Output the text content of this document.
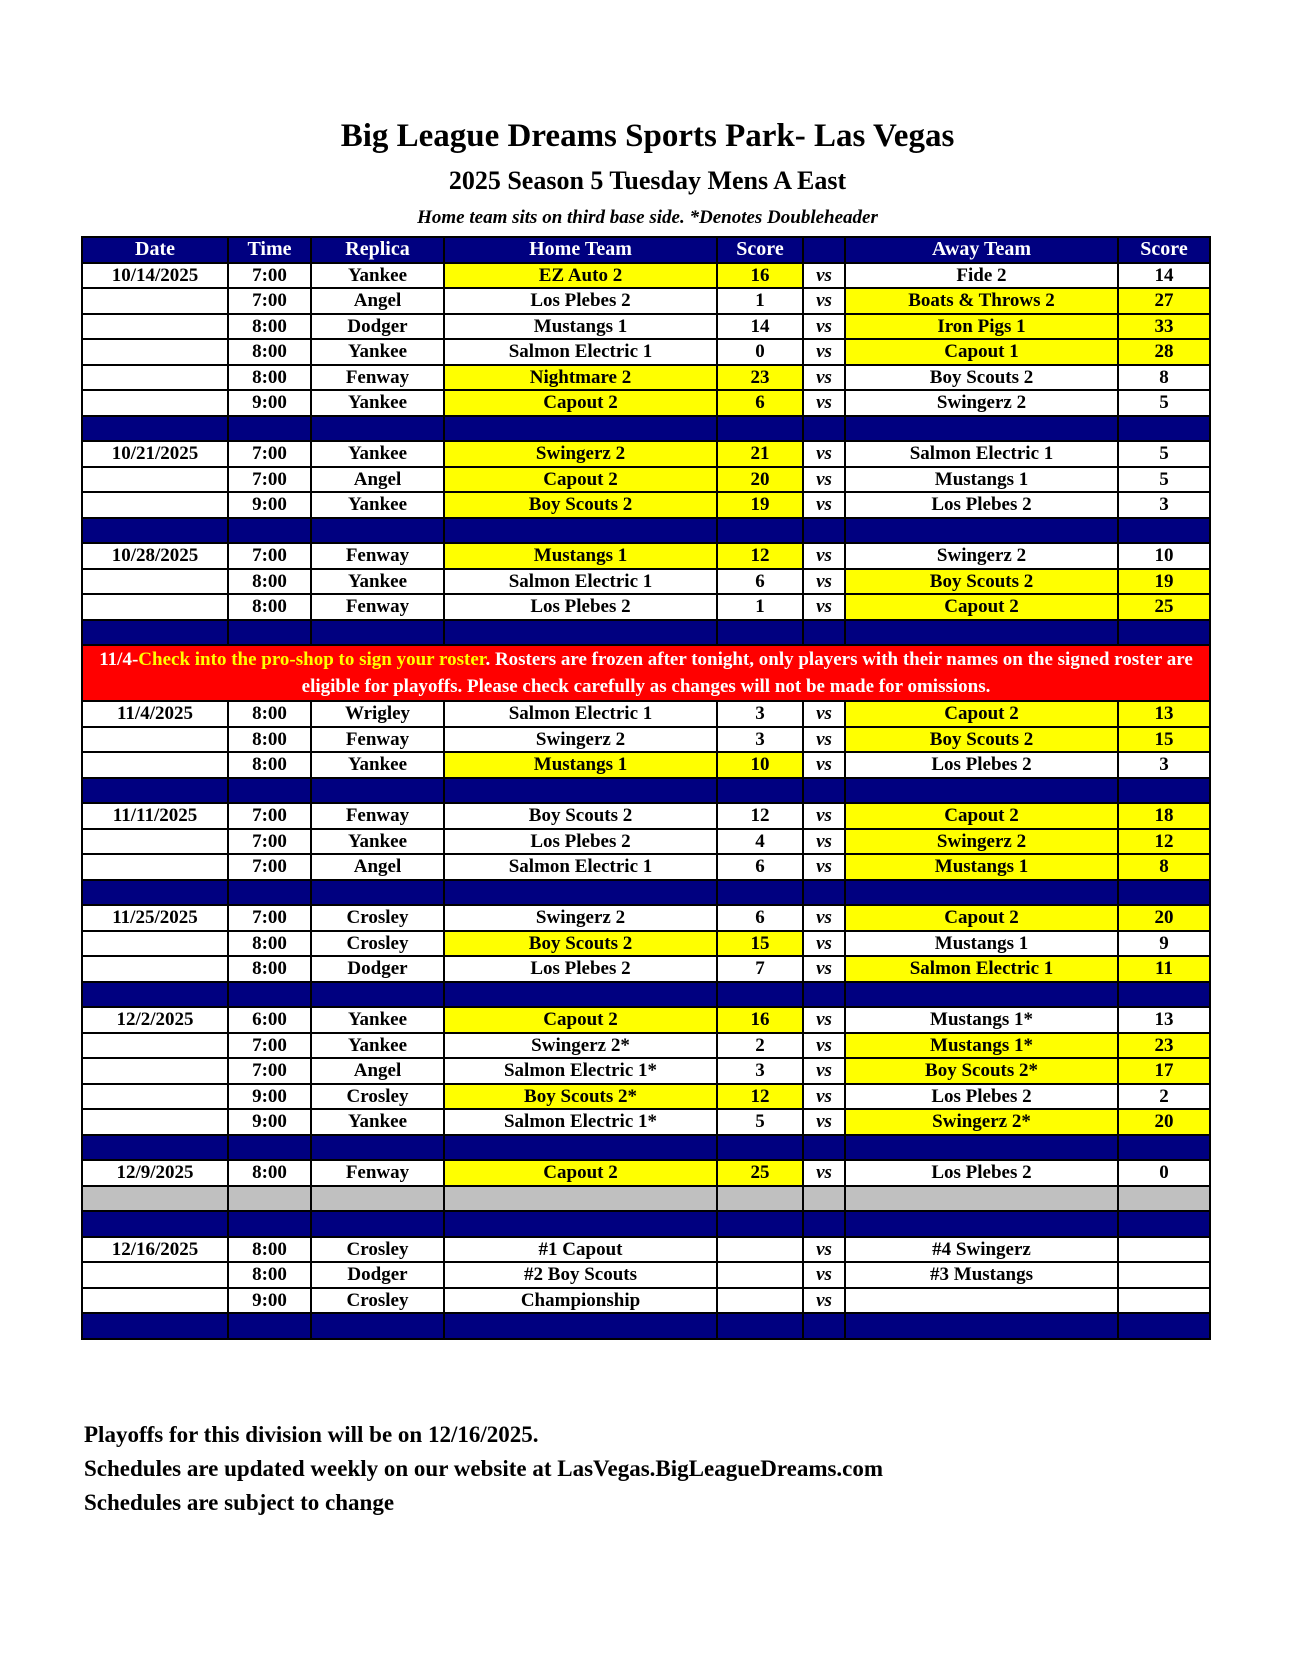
Big League Dreams Sports Park- Las Vegas
2025 Season 5 Tuesday Mens A East
Home team sits on third base side. *Denotes Doubleheader
Date	Time	Replica	Home Team	Score		Away Team	Score
10/14/2025	7:00	Yankee	EZ Auto 2	16	vs	Fide 2	14
	7:00	Angel	Los Plebes 2	1	vs	Boats & Throws 2	27
	8:00	Dodger	Mustangs 1	14	vs	Iron Pigs 1	33
	8:00	Yankee	Salmon Electric 1	0	vs	Capout 1	28
	8:00	Fenway	Nightmare 2	23	vs	Boy Scouts 2	8
	9:00	Yankee	Capout 2	6	vs	Swingerz 2	5

10/21/2025	7:00	Yankee	Swingerz 2	21	vs	Salmon Electric 1	5
	7:00	Angel	Capout 2	20	vs	Mustangs 1	5
	9:00	Yankee	Boy Scouts 2	19	vs	Los Plebes 2	3

10/28/2025	7:00	Fenway	Mustangs 1	12	vs	Swingerz 2	10
	8:00	Yankee	Salmon Electric 1	6	vs	Boy Scouts 2	19
	8:00	Fenway	Los Plebes 2	1	vs	Capout 2	25

11/4-Check into the pro-shop to sign your roster. Rosters are frozen after tonight, only players with their names on the signed roster are eligible for playoffs. Please check carefully as changes will not be made for omissions.							
11/4/2025	8:00	Wrigley	Salmon Electric 1	3	vs	Capout 2	13
	8:00	Fenway	Swingerz 2	3	vs	Boy Scouts 2	15
	8:00	Yankee	Mustangs 1	10	vs	Los Plebes 2	3

11/11/2025	7:00	Fenway	Boy Scouts 2	12	vs	Capout 2	18
	7:00	Yankee	Los Plebes 2	4	vs	Swingerz 2	12
	7:00	Angel	Salmon Electric 1	6	vs	Mustangs 1	8

11/25/2025	7:00	Crosley	Swingerz 2	6	vs	Capout 2	20
	8:00	Crosley	Boy Scouts 2	15	vs	Mustangs 1	9
	8:00	Dodger	Los Plebes 2	7	vs	Salmon Electric 1	11

12/2/2025	6:00	Yankee	Capout 2	16	vs	Mustangs 1*	13
	7:00	Yankee	Swingerz 2*	2	vs	Mustangs 1*	23
	7:00	Angel	Salmon Electric 1*	3	vs	Boy Scouts 2*	17
	9:00	Crosley	Boy Scouts 2*	12	vs	Los Plebes 2	2
	9:00	Yankee	Salmon Electric 1*	5	vs	Swingerz 2*	20

12/9/2025	8:00	Fenway	Capout 2	25	vs	Los Plebes 2	0

12/16/2025	8:00	Crosley	#1 Capout		vs	#4 Swingerz	
	8:00	Dodger	#2 Boy Scouts		vs	#3 Mustangs	
	9:00	Crosley	Championship		vs		

Playoffs for this division will be on 12/16/2025.
Schedules are updated weekly on our website at LasVegas.BigLeagueDreams.com
Schedules are subject to change
